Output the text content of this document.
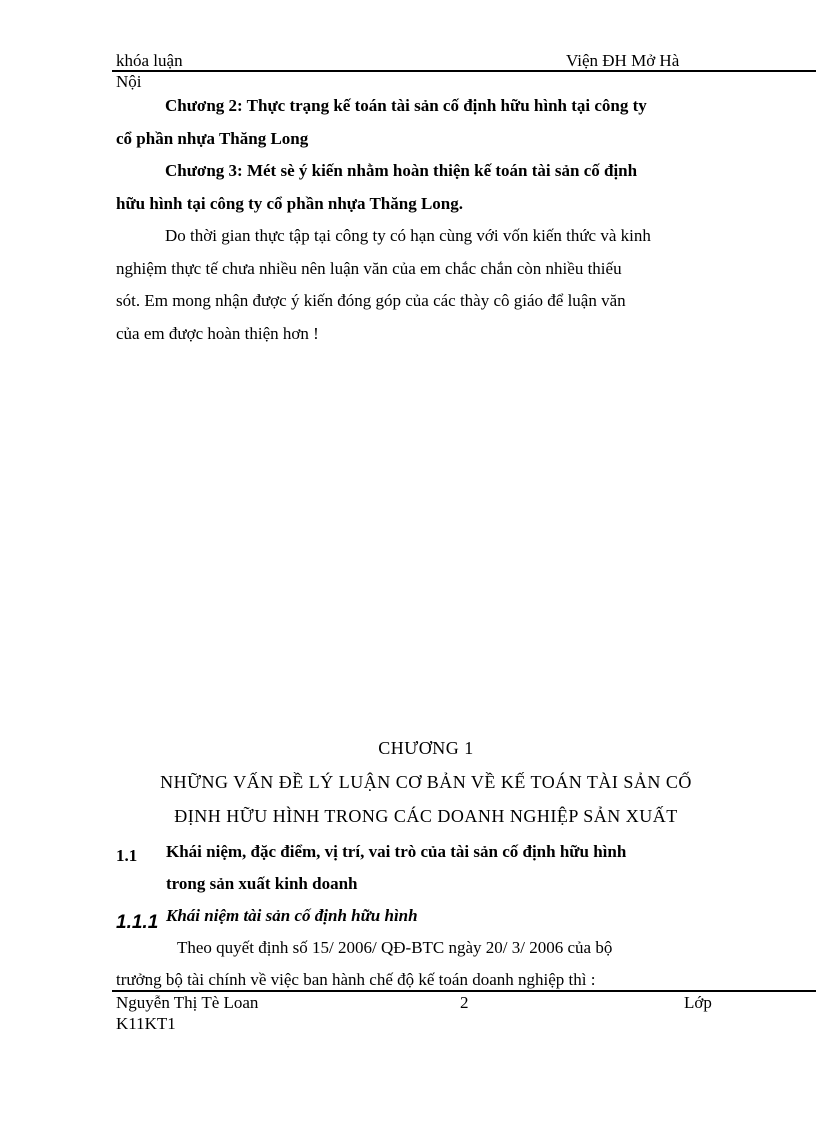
khóa luận	Viện ĐH Mở Hà
Nội
Chương 2: Thực trạng kế toán tài sản cố định hữu hình tại công ty
cổ phần nhựa Thăng Long
Chương 3: Mét sè ý kiến nhằm hoàn thiện kế toán tài sản cố định
hữu hình tại công ty cổ phần nhựa Thăng Long.
Do thời gian thực tập tại công ty có hạn cùng với vốn kiến thức và kinh
nghiệm thực tế chưa nhiều nên luận văn của em chắc chắn còn nhiều thiếu
sót. Em mong nhận được ý kiến đóng góp của các thày cô giáo để luận văn
của em được hoàn thiện hơn !
CHƯƠNG 1
NHỮNG VẤN ĐỀ LÝ LUẬN CƠ BẢN VỀ KẾ TOÁN TÀI SẢN CỐ
ĐỊNH HỮU HÌNH TRONG CÁC DOANH NGHIỆP SẢN XUẤT
1.1 Khái niệm, đặc điểm, vị trí, vai trò của tài sản cố định hữu hình
trong sản xuất kinh doanh
1.1.1 Khái niệm tài sản cố định hữu hình
Theo quyết định số 15/ 2006/ QĐ-BTC ngày 20/ 3/ 2006 của bộ
trưởng bộ tài chính về việc ban hành chế độ kế toán doanh nghiệp thì :
Nguyễn Thị Tè Loan	2	Lớp
K11KT1
